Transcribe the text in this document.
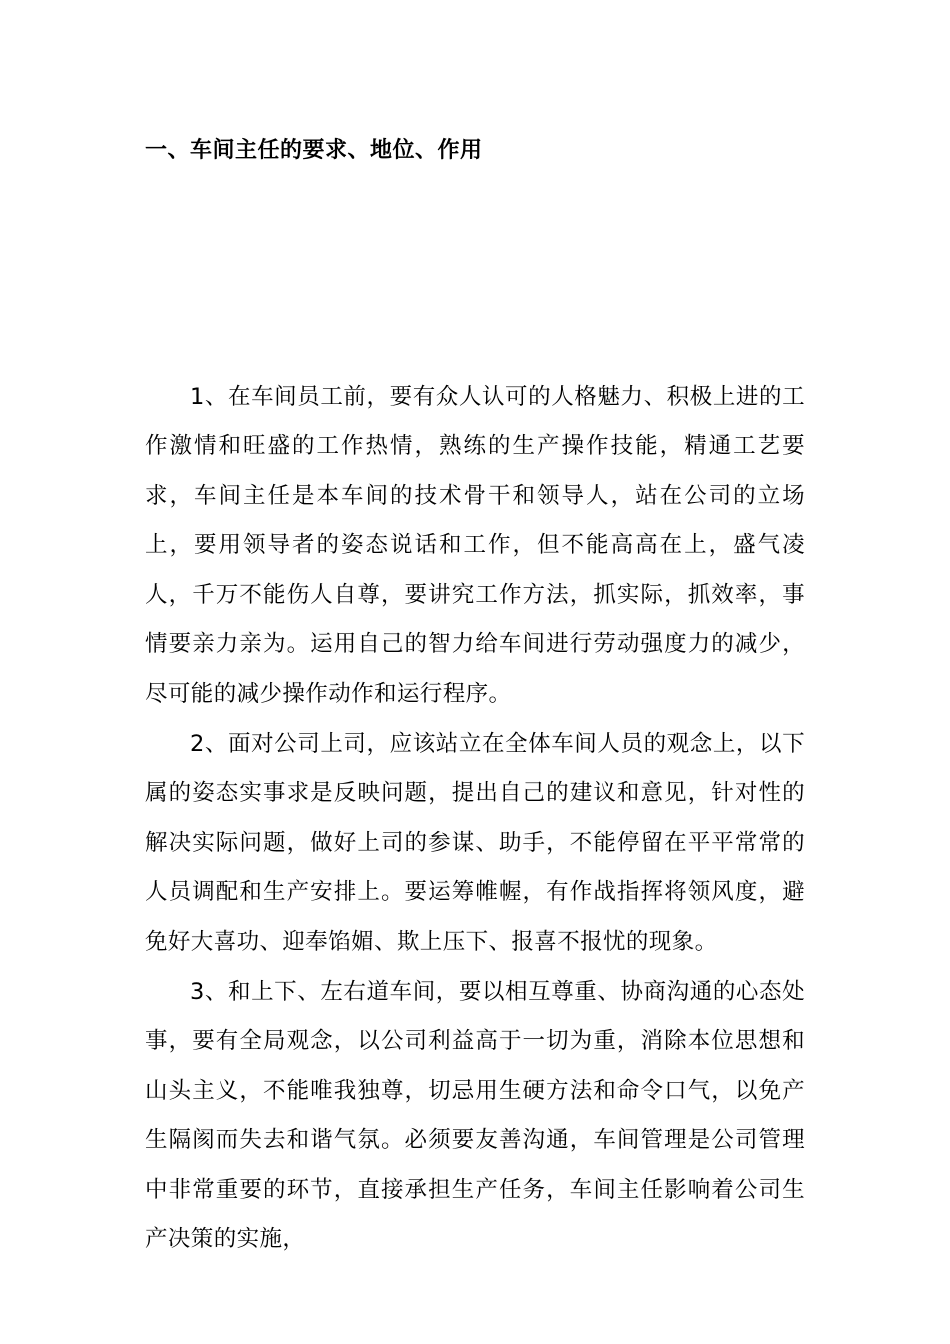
一、车间主任的要求、地位、作用

1、在车间员工前，要有众人认可的人格魅力、积极上进的工作激情和旺盛的工作热情，熟练的生产操作技能，精通工艺要求，车间主任是本车间的技术骨干和领导人，站在公司的立场上，要用领导者的姿态说话和工作，但不能高高在上，盛气凌人，千万不能伤人自尊，要讲究工作方法，抓实际，抓效率，事情要亲力亲为。运用自己的智力给车间进行劳动强度力的减少，尽可能的减少操作动作和运行程序。

2、面对公司上司，应该站立在全体车间人员的观念上，以下属的姿态实事求是反映问题，提出自己的建议和意见，针对性的解决实际问题，做好上司的参谋、助手，不能停留在平平常常的人员调配和生产安排上。要运筹帷幄，有作战指挥将领风度，避免好大喜功、迎奉馅媚、欺上压下、报喜不报忧的现象。

3、和上下、左右道车间，要以相互尊重、协商沟通的心态处事，要有全局观念，以公司利益高于一切为重，消除本位思想和山头主义，不能唯我独尊，切忌用生硬方法和命令口气，以免产生隔阂而失去和谐气氛。必须要友善沟通，车间管理是公司管理中非常重要的环节，直接承担生产任务，车间主任影响着公司生产决策的实施，
